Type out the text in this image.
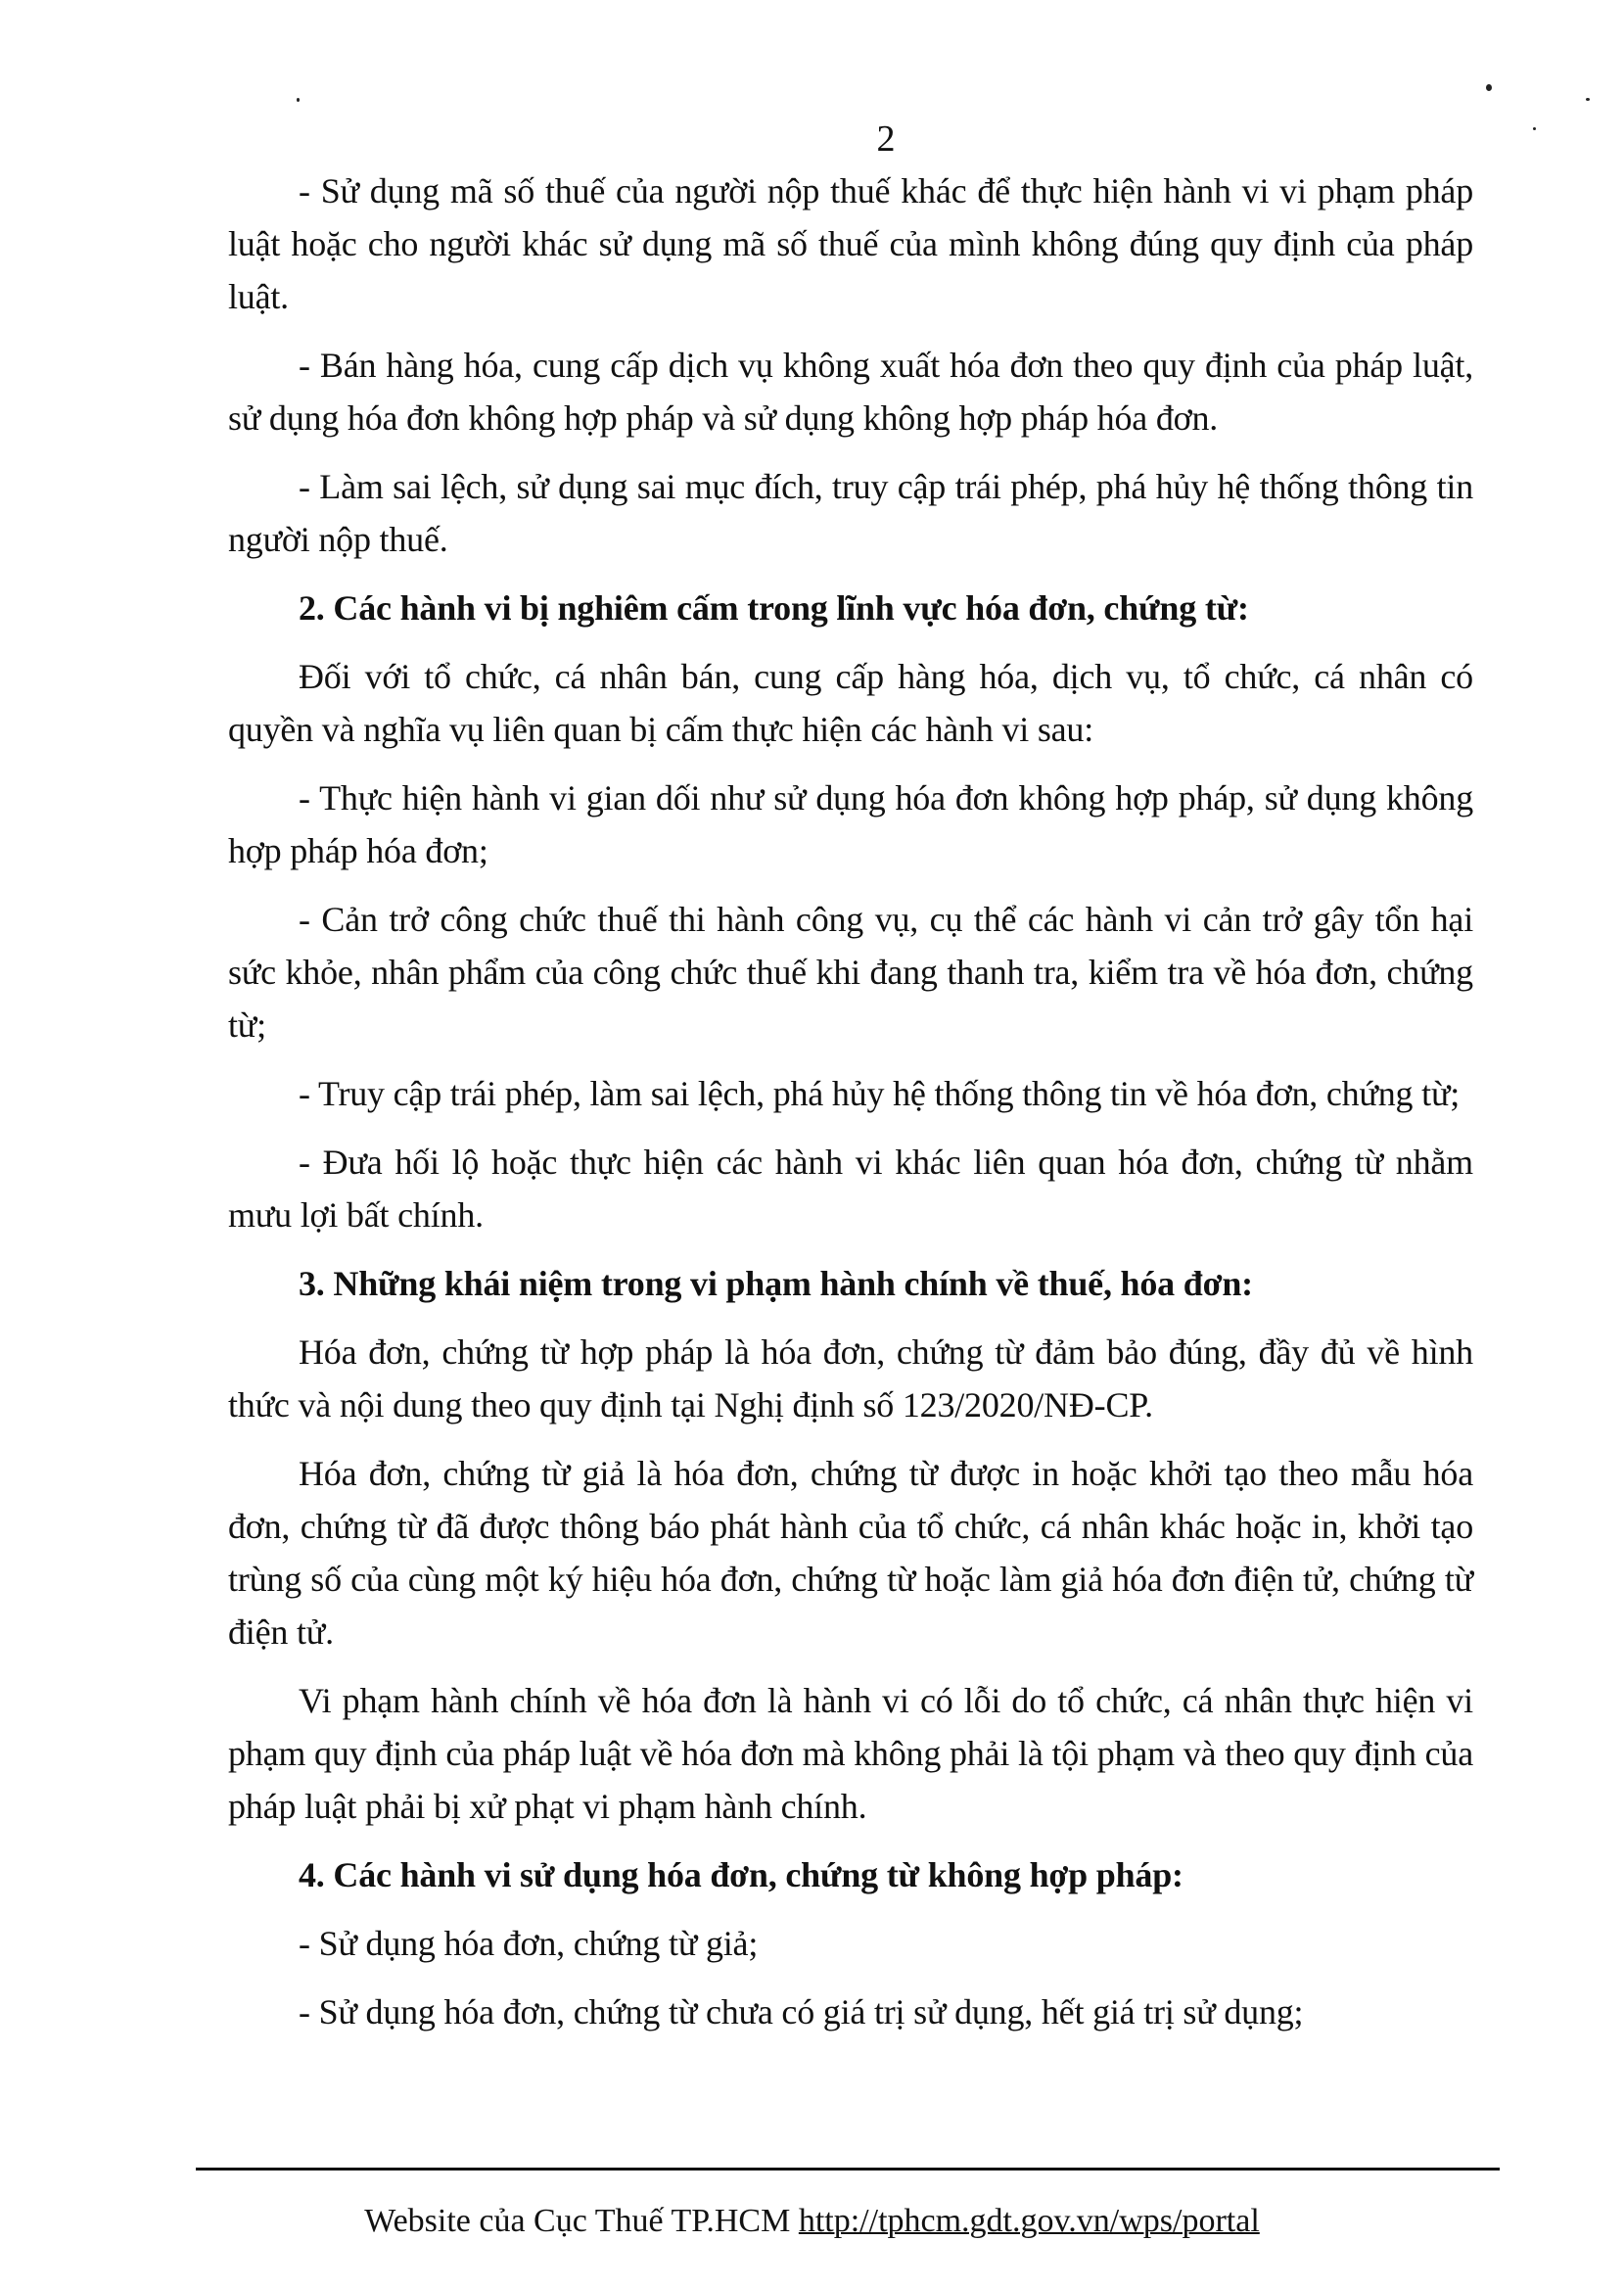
2

- Sử dụng mã số thuế của người nộp thuế khác để thực hiện hành vi vi phạm pháp luật hoặc cho người khác sử dụng mã số thuế của mình không đúng quy định của pháp luật.

- Bán hàng hóa, cung cấp dịch vụ không xuất hóa đơn theo quy định của pháp luật, sử dụng hóa đơn không hợp pháp và sử dụng không hợp pháp hóa đơn.

- Làm sai lệch, sử dụng sai mục đích, truy cập trái phép, phá hủy hệ thống thông tin người nộp thuế.

2. Các hành vi bị nghiêm cấm trong lĩnh vực hóa đơn, chứng từ:

Đối với tổ chức, cá nhân bán, cung cấp hàng hóa, dịch vụ, tổ chức, cá nhân có quyền và nghĩa vụ liên quan bị cấm thực hiện các hành vi sau:

- Thực hiện hành vi gian dối như sử dụng hóa đơn không hợp pháp, sử dụng không hợp pháp hóa đơn;

- Cản trở công chức thuế thi hành công vụ, cụ thể các hành vi cản trở gây tổn hại sức khỏe, nhân phẩm của công chức thuế khi đang thanh tra, kiểm tra về hóa đơn, chứng từ;

- Truy cập trái phép, làm sai lệch, phá hủy hệ thống thông tin về hóa đơn, chứng từ;

- Đưa hối lộ hoặc thực hiện các hành vi khác liên quan hóa đơn, chứng từ nhằm mưu lợi bất chính.

3. Những khái niệm trong vi phạm hành chính về thuế, hóa đơn:

Hóa đơn, chứng từ hợp pháp là hóa đơn, chứng từ đảm bảo đúng, đầy đủ về hình thức và nội dung theo quy định tại Nghị định số 123/2020/NĐ-CP.

Hóa đơn, chứng từ giả là hóa đơn, chứng từ được in hoặc khởi tạo theo mẫu hóa đơn, chứng từ đã được thông báo phát hành của tổ chức, cá nhân khác hoặc in, khởi tạo trùng số của cùng một ký hiệu hóa đơn, chứng từ hoặc làm giả hóa đơn điện tử, chứng từ điện tử.

Vi phạm hành chính về hóa đơn là hành vi có lỗi do tổ chức, cá nhân thực hiện vi phạm quy định của pháp luật về hóa đơn mà không phải là tội phạm và theo quy định của pháp luật phải bị xử phạt vi phạm hành chính.

4. Các hành vi sử dụng hóa đơn, chứng từ không hợp pháp:

- Sử dụng hóa đơn, chứng từ giả;

- Sử dụng hóa đơn, chứng từ chưa có giá trị sử dụng, hết giá trị sử dụng;

Website của Cục Thuế TP.HCM http://tphcm.gdt.gov.vn/wps/portal
